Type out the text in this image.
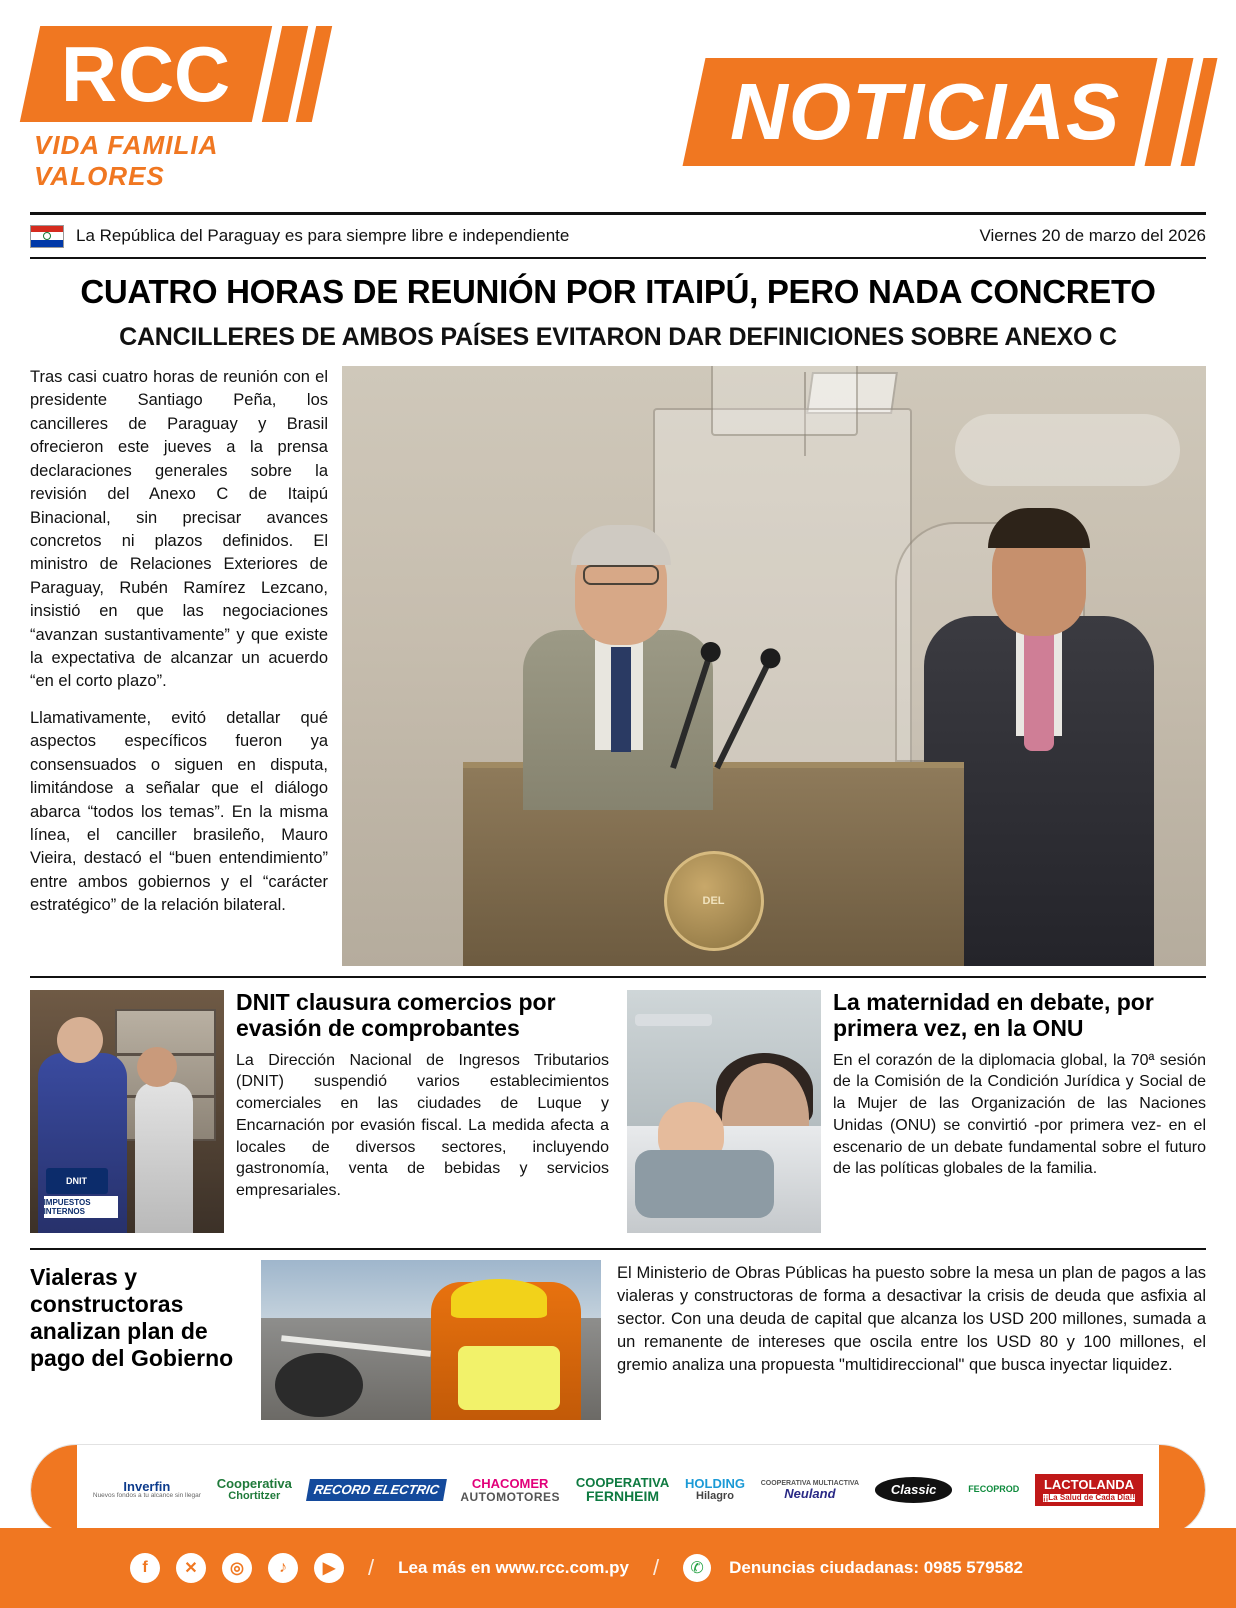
R C C
VIDA FAMILIA VALORES
NOTICIAS
La República del Paraguay es para siempre libre e independiente	Viernes 20 de marzo del 2026
CUATRO HORAS DE REUNIÓN POR ITAIPÚ, PERO NADA CONCRETO
CANCILLERES DE AMBOS PAÍSES EVITARON DAR DEFINICIONES SOBRE ANEXO C

Tras casi cuatro horas de reunión con el presidente Santiago Peña, los cancilleres de Paraguay y Brasil ofrecieron este jueves a la prensa declaraciones generales sobre la revisión del Anexo C de Itaipú Binacional, sin precisar avances concretos ni plazos definidos. El ministro de Relaciones Exteriores de Paraguay, Rubén Ramírez Lezcano, insistió en que las negociaciones “avanzan sustantivamente” y que existe la expectativa de alcanzar un acuerdo “en el corto plazo”.

Llamativamente, evitó detallar qué aspectos específicos fueron ya consensuados o siguen en disputa, limitándose a señalar que el diálogo abarca “todos los temas”. En la misma línea, el canciller brasileño, Mauro Vieira, destacó el “buen entendimiento” entre ambos gobiernos y el “carácter estratégico” de la relación bilateral.	DEL
DNIT
IMPUESTOS INTERNOS
DNIT clausura comercios por evasión de comprobantes
La Dirección Nacional de Ingresos Tributarios (DNIT) suspendió varios establecimientos comerciales en las ciudades de Luque y Encarnación por evasión fiscal. La medida afecta a locales de diversos sectores, incluyendo gastronomía, venta de bebidas y servicios empresariales.
La maternidad en debate, por primera vez, en la ONU
En el corazón de la diplomacia global, la 70ª sesión de la Comisión de la Condición Jurídica y Social de la Mujer de las Organización de las Naciones Unidas (ONU) se convirtió -por primera vez- en el escenario de un debate fundamental sobre el futuro de las políticas globales de la familia.
Vialeras y constructoras analizan plan de pago del Gobierno
El Ministerio de Obras Públicas ha puesto sobre la mesa un plan de pagos a las vialeras y constructoras de forma a desactivar la crisis de deuda que asfixia al sector. Con una deuda de capital que alcanza los USD 200 millones, sumada a un remanente de intereses que oscila entre los USD 80 y 100 millones, el gremio analiza una propuesta "multidireccional" que busca inyectar liquidez.
Inverfin
Nuevos fondos a tu alcance sin llegar
Cooperativa
Chortitzer	RECORD ELECTRIC	CHACOMER
AUTOMOTORES
COOPERATIVA
FERNHEIM
HOLDING
Hilagro
COOPERATIVA MULTIACTIVA
Neuland	Classic	FECOPROD	LACTOLANDA
¡¡La Salud de Cada Día!!
f	✕	◎	♪	▶	/ Lea más en www.rcc.com.py /	✆	Denuncias ciudadanas: 0985 579582
